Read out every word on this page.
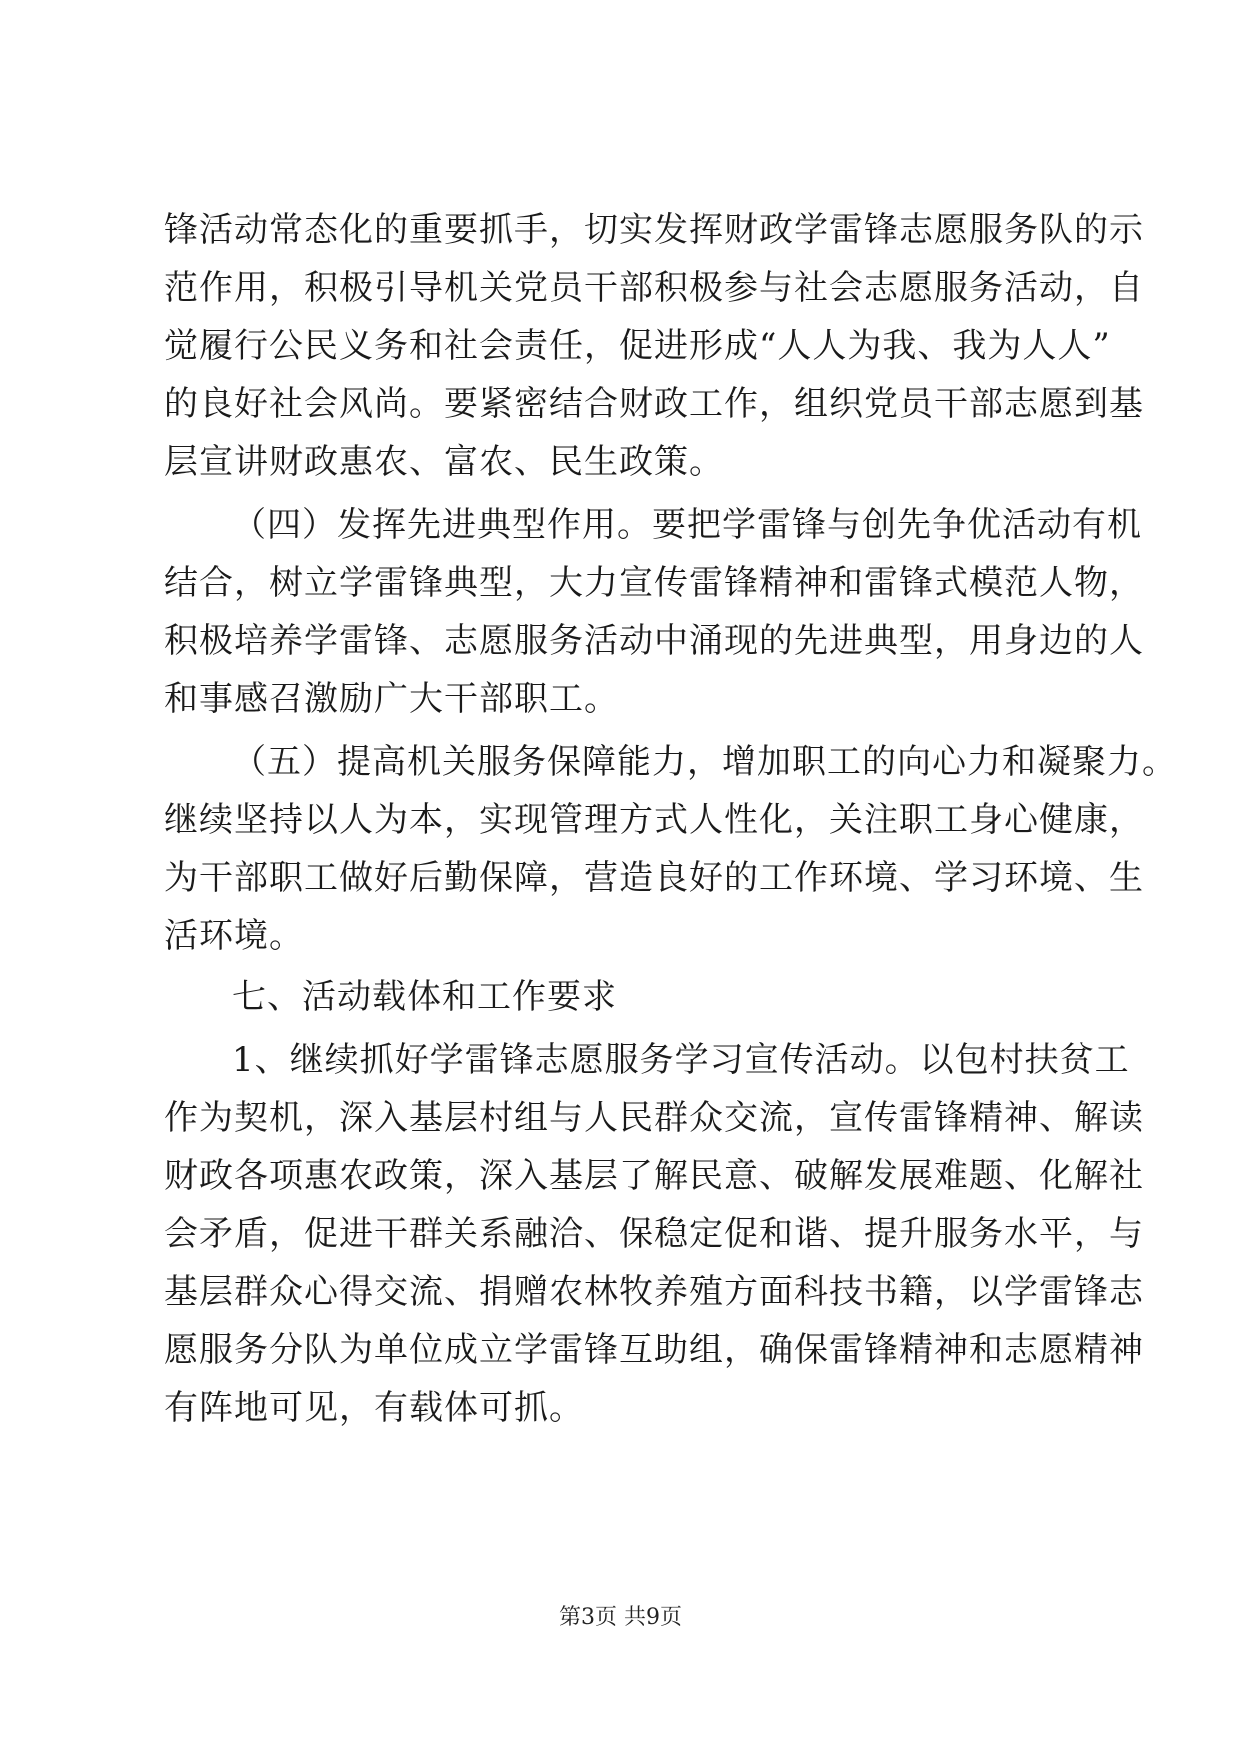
锋活动常态化的重要抓手，切实发挥财政学雷锋志愿服务队的示
范作用，积极引导机关党员干部积极参与社会志愿服务活动，自
觉履行公民义务和社会责任，促进形成“人人为我、我为人人”
的良好社会风尚。要紧密结合财政工作，组织党员干部志愿到基
层宣讲财政惠农、富农、民生政策。
（四）发挥先进典型作用。要把学雷锋与创先争优活动有机
结合，树立学雷锋典型，大力宣传雷锋精神和雷锋式模范人物，
积极培养学雷锋、志愿服务活动中涌现的先进典型，用身边的人
和事感召激励广大干部职工。
（五）提高机关服务保障能力，增加职工的向心力和凝聚力。
继续坚持以人为本，实现管理方式人性化，关注职工身心健康，
为干部职工做好后勤保障，营造良好的工作环境、学习环境、生
活环境。
七、活动载体和工作要求
1、继续抓好学雷锋志愿服务学习宣传活动。以包村扶贫工
作为契机，深入基层村组与人民群众交流，宣传雷锋精神、解读
财政各项惠农政策，深入基层了解民意、破解发展难题、化解社
会矛盾，促进干群关系融洽、保稳定促和谐、提升服务水平，与
基层群众心得交流、捐赠农林牧养殖方面科技书籍，以学雷锋志
愿服务分队为单位成立学雷锋互助组，确保雷锋精神和志愿精神
有阵地可见，有载体可抓。
第3页 共9页
